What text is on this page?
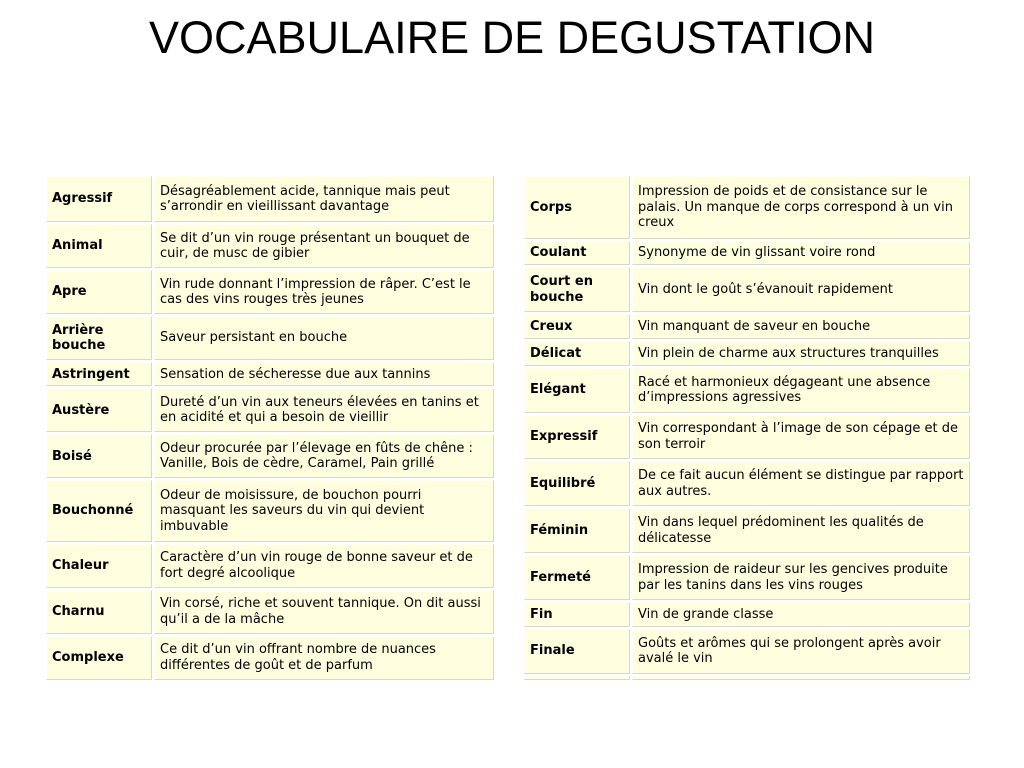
VOCABULAIRE DE DEGUSTATION
Agressif	Désagréablement acide, tannique mais peut s’arrondir en vieillissant davantage
Animal	Se dit d’un vin rouge présentant un bouquet de cuir, de musc de gibier
Apre	Vin rude donnant l’impression de râper. C’est le cas des vins rouges très jeunes
Arrière bouche	Saveur persistant en bouche
Astringent	Sensation de sécheresse due aux tannins
Austère	Dureté d’un vin aux teneurs élevées en tanins et en acidité et qui a besoin de vieillir
Boisé	Odeur procurée par l’élevage en fûts de chêne : Vanille, Bois de cèdre, Caramel, Pain grillé
Bouchonné	Odeur de moisissure, de bouchon pourri masquant les saveurs du vin qui devient imbuvable
Chaleur	Caractère d’un vin rouge de bonne saveur et de fort degré alcoolique
Charnu	Vin corsé, riche et souvent tannique. On dit aussi qu’il a de la mâche
Complexe	Ce dit d’un vin offrant nombre de nuances différentes de goût et de parfum
Corps	Impression de poids et de consistance sur le palais. Un manque de corps correspond à un vin creux
Coulant	Synonyme de vin glissant voire rond
Court en bouche	Vin dont le goût s’évanouit rapidement
Creux	Vin manquant de saveur en bouche
Délicat	Vin plein de charme aux structures tranquilles
Elégant	Racé et harmonieux dégageant une absence d’impressions agressives
Expressif	Vin correspondant à l’image de son cépage et de son terroir
Equilibré	De ce fait aucun élément se distingue par rapport aux autres.
Féminin	Vin dans lequel prédominent les qualités de délicatesse
Fermeté	Impression de raideur sur les gencives produite par les tanins dans les vins rouges
Fin	Vin de grande classe
Finale	Goûts et arômes qui se prolongent après avoir avalé le vin
